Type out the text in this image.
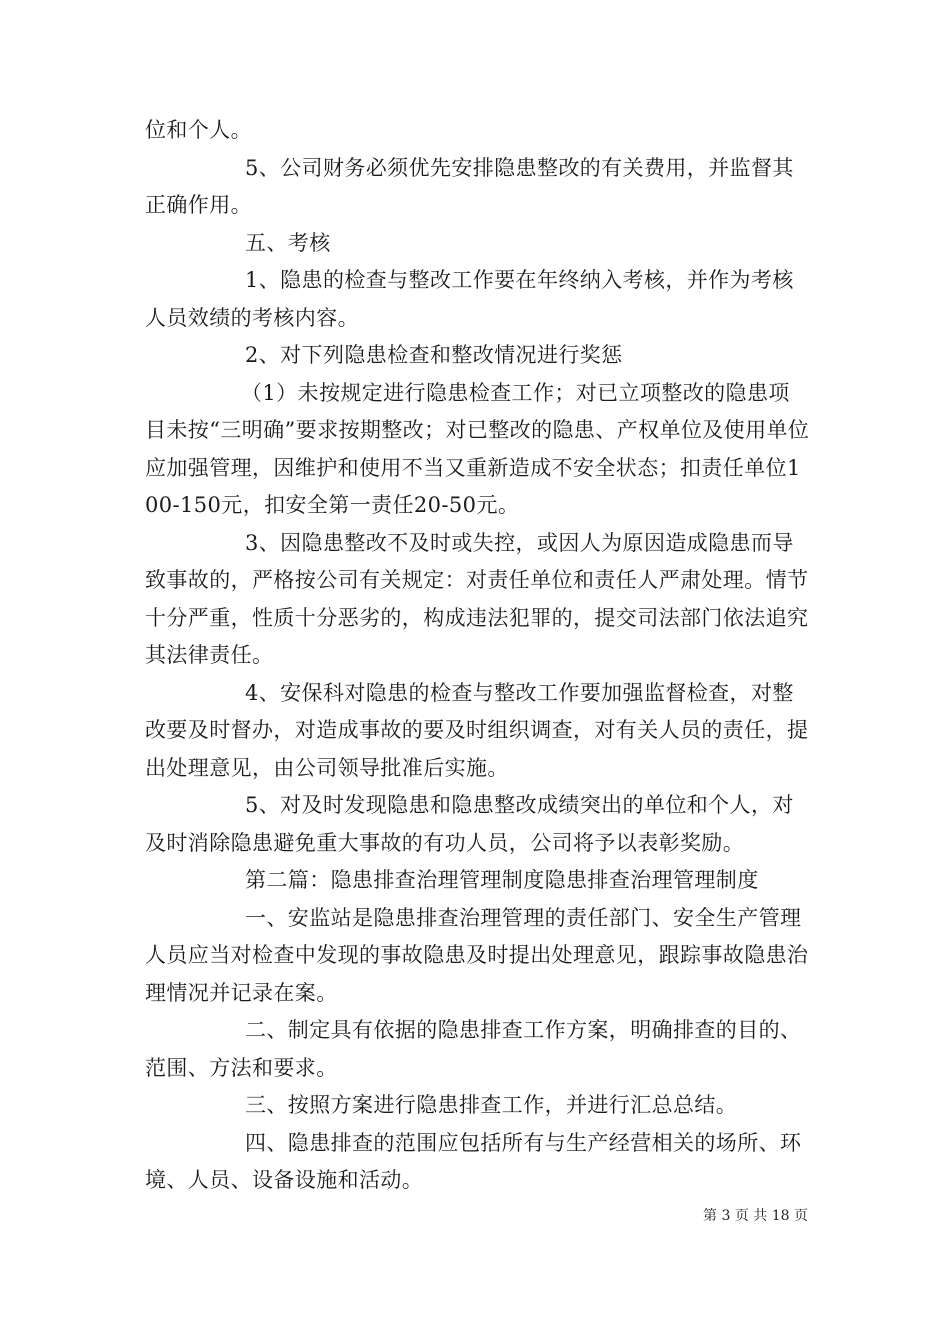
位和个人。

5、公司财务必须优先安排隐患整改的有关费用，并监督其正确作用。

五、考核

1、隐患的检查与整改工作要在年终纳入考核，并作为考核人员效绩的考核内容。

2、对下列隐患检查和整改情况进行奖惩

（1）未按规定进行隐患检查工作；对已立项整改的隐患项目未按“三明确”要求按期整改；对已整改的隐患、产权单位及使用单位应加强管理，因维护和使用不当又重新造成不安全状态；扣责任单位100-150元，扣安全第一责任20-50元。

3、因隐患整改不及时或失控，或因人为原因造成隐患而导致事故的，严格按公司有关规定：对责任单位和责任人严肃处理。情节十分严重，性质十分恶劣的，构成违法犯罪的，提交司法部门依法追究其法律责任。

4、安保科对隐患的检查与整改工作要加强监督检查，对整改要及时督办，对造成事故的要及时组织调查，对有关人员的责任，提出处理意见，由公司领导批准后实施。

5、对及时发现隐患和隐患整改成绩突出的单位和个人，对及时消除隐患避免重大事故的有功人员，公司将予以表彰奖励。

第二篇：隐患排查治理管理制度隐患排查治理管理制度

一、安监站是隐患排查治理管理的责任部门、安全生产管理人员应当对检查中发现的事故隐患及时提出处理意见，跟踪事故隐患治理情况并记录在案。

二、制定具有依据的隐患排查工作方案，明确排查的目的、范围、方法和要求。

三、按照方案进行隐患排查工作，并进行汇总总结。

四、隐患排查的范围应包括所有与生产经营相关的场所、环境、人员、设备设施和活动。

第 3 页 共 18 页
